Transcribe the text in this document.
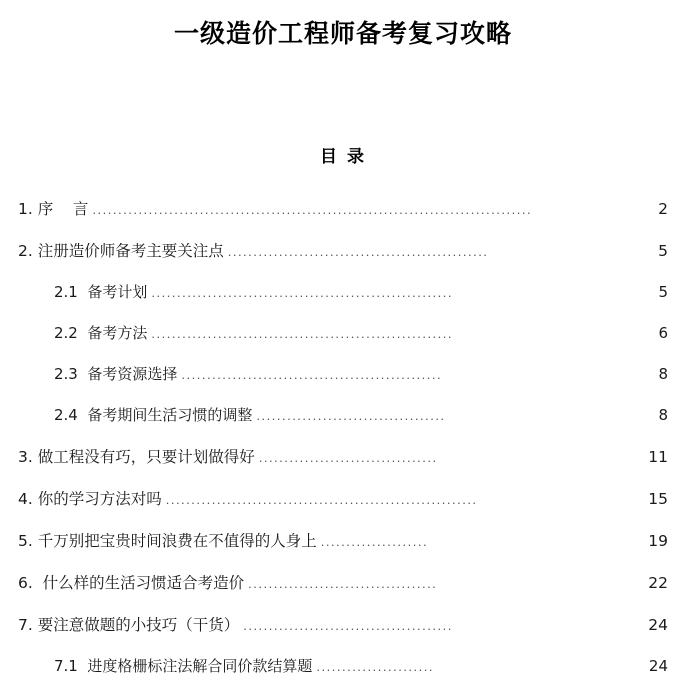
一级造价工程师备考复习攻略
目 录
1. 序    言 ......................................................................................	2
2. 注册造价师备考主要关注点 ...................................................	5
2.1  备考计划 ...........................................................	5
2.2  备考方法 ...........................................................	6
2.3  备考资源选择 ...................................................	8
2.4  备考期间生活习惯的调整 .....................................	8
3. 做工程没有巧，只要计划做得好 ...................................	11
4. 你的学习方法对吗 .............................................................	15
5. 千万别把宝贵时间浪费在不值得的人身上 .....................	19
6.  什么样的生活习惯适合考造价 .....................................	22
7. 要注意做题的小技巧（干货） .........................................	24
7.1  进度格栅标注法解合同价款结算题 .......................	24
